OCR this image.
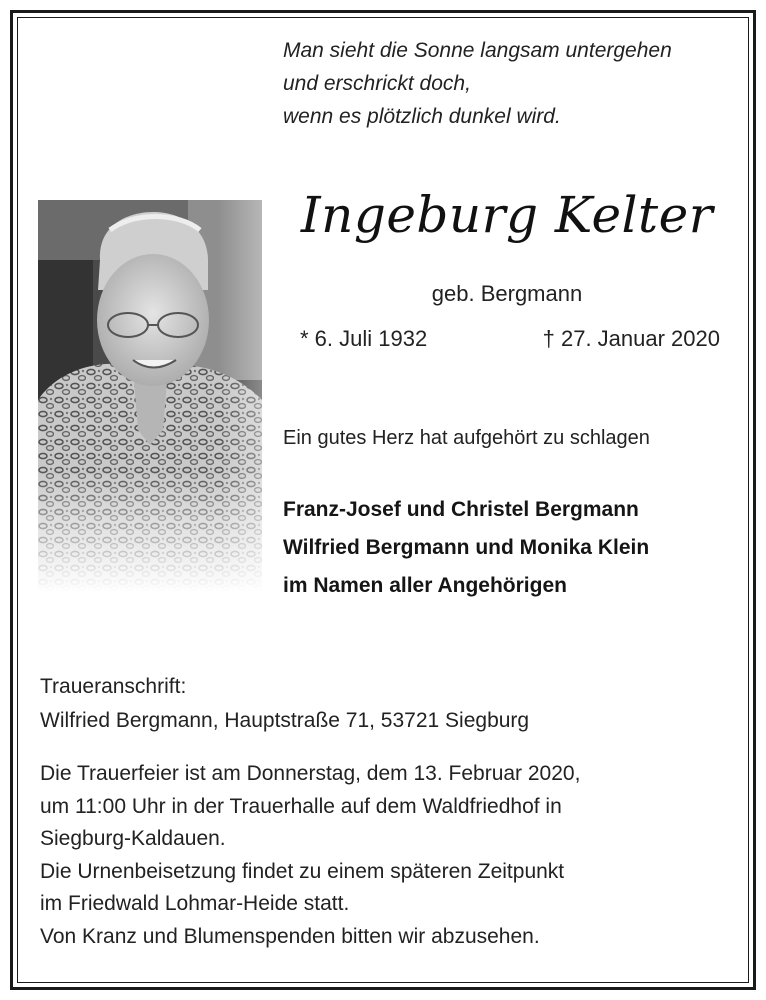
Man sieht die Sonne langsam untergehen
und erschrickt doch,
wenn es plötzlich dunkel wird.
Ingeburg Kelter
geb. Bergmann
* 6. Juli 1932	† 27. Januar 2020
Ein gutes Herz hat aufgehört zu schlagen
Franz-Josef und Christel Bergmann
Wilfried Bergmann und Monika Klein
im Namen aller Angehörigen
Traueranschrift:
Wilfried Bergmann, Hauptstraße 71, 53721 Siegburg
Die Trauerfeier ist am Donnerstag, dem 13. Februar 2020,
um 11:00 Uhr in der Trauerhalle auf dem Waldfriedhof in
Siegburg-Kaldauen.
Die Urnenbeisetzung findet zu einem späteren Zeitpunkt
im Friedwald Lohmar-Heide statt.
Von Kranz und Blumenspenden bitten wir abzusehen.
